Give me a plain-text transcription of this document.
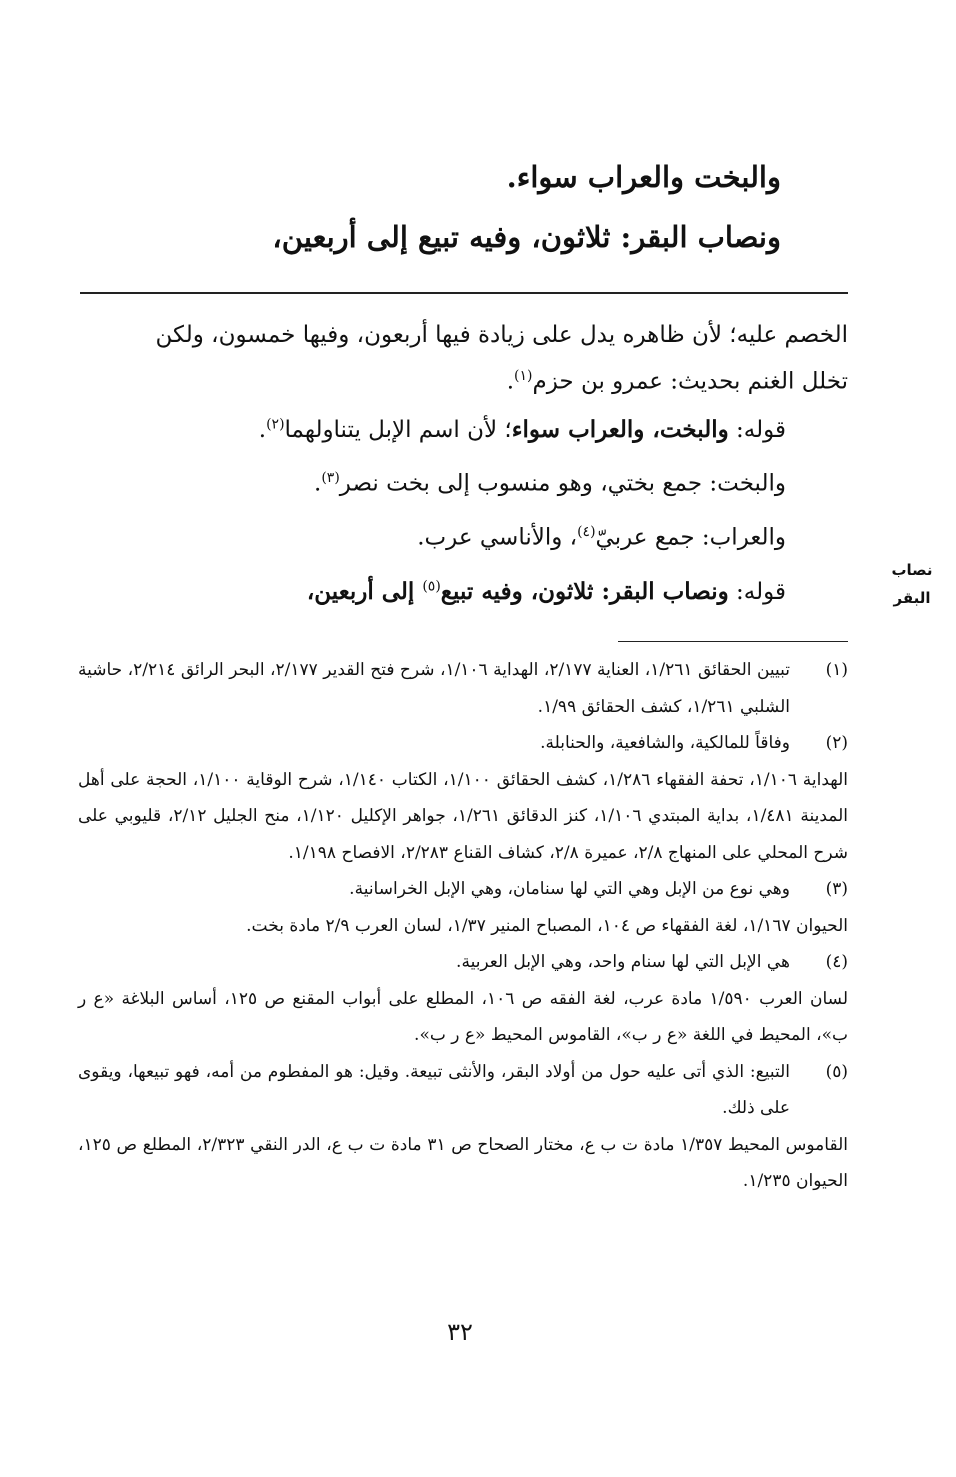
والبخت والعراب سواء.
ونصاب البقر: ثلاثون، وفيه تبيع إلى أربعين،
الخصم عليه؛ لأن ظاهره يدل على زيادة فيها أربعون، وفيها خمسون، ولكن
تخلل الغنم بحديث: عمرو بن حزم$^{(١)}$.
قوله: والبخت، والعراب سواء؛ لأن اسم الإبل يتناولهما$^{(٢)}$.
والبخت: جمع بختي، وهو منسوب إلى بخت نصر$^{(٣)}$.
والعراب: جمع عربيّ$^{(٤)}$، والأناسي عرب.
قوله: ونصاب البقر: ثلاثون، وفيه تبيع$^{(٥)}$ إلى أربعين،
نصاب
البقر
(١)
تبيين الحقائق ١/٢٦١، العناية ٢/١٧٧، الهداية ١/١٠٦، شرح فتح القدير ٢/١٧٧، البحر الرائق ٢/٢١٤، حاشية الشلبي ١/٢٦١، كشف الحقائق ١/٩٩.
(٢)
وفاقاً للمالكية، والشافعية، والحنابلة.
الهداية ١/١٠٦، تحفة الفقهاء ١/٢٨٦، كشف الحقائق ١/١٠٠، الكتاب ١/١٤٠، شرح الوقاية ١/١٠٠، الحجة على أهل المدينة ١/٤٨١، بداية المبتدي ١/١٠٦، كنز الدقائق ١/٢٦١، جواهر الإكليل ١/١٢٠، منح الجليل ٢/١٢، قليوبي على شرح المحلي على المنهاج ٢/٨، عميرة ٢/٨، كشاف القناع ٢/٢٨٣، الافصاح ١/١٩٨.
(٣)
وهي نوع من الإبل وهي التي لها سنامان، وهي الإبل الخراسانية.
الحيوان ١/١٦٧، لغة الفقهاء ص ١٠٤، المصباح المنير ١/٣٧، لسان العرب ٢/٩ مادة بخت.
(٤)
هي الإبل التي لها سنام واحد، وهي الإبل العربية.
لسان العرب ١/٥٩٠ مادة عرب، لغة الفقه ص ١٠٦، المطلع على أبواب المقنع ص ١٢٥، أساس البلاغة «ع ر ب»، المحيط في اللغة «ع ر ب»، القاموس المحيط «ع ر ب».
(٥)
التبيع: الذي أتى عليه حول من أولاد البقر، والأنثى تبيعة. وقيل: هو المفطوم من أمه، فهو تبيعها، ويقوى على ذلك.
القاموس المحيط ١/٣٥٧ مادة ت ب ع، مختار الصحاح ص ٣١ مادة ت ب ع، الدر النقي ٢/٣٢٣، المطلع ص ١٢٥، الحيوان ١/٢٣٥.
٣٢
